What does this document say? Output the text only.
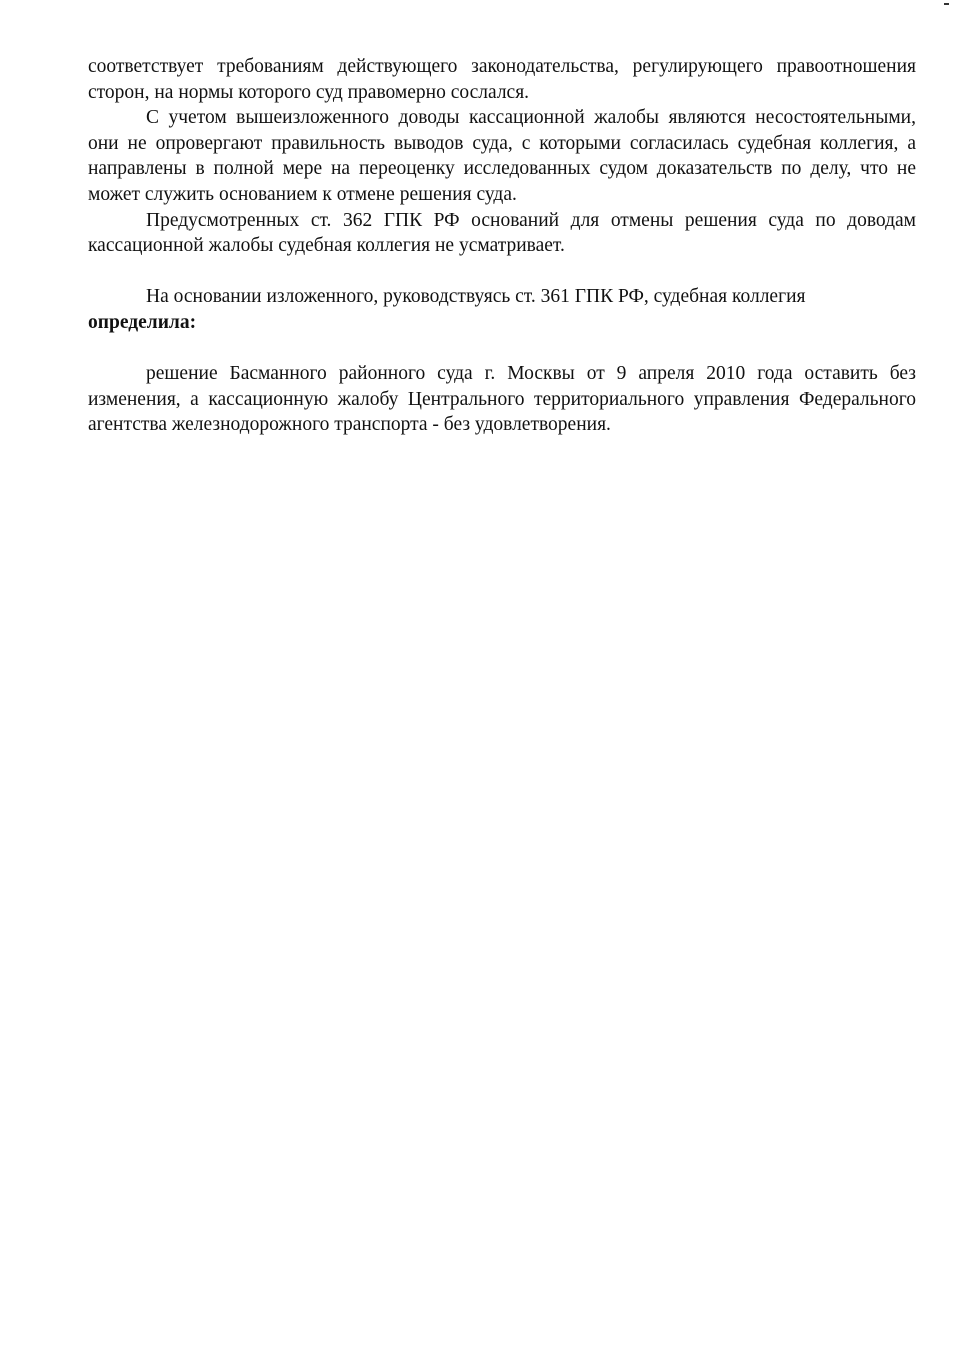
соответствует требованиям действующего законодательства, регулирующего правоотношения сторон, на нормы которого суд правомерно сослался.

С учетом вышеизложенного доводы кассационной жалобы являются несостоятельными, они не опровергают правильность выводов суда, с которыми согласилась судебная коллегия, а направлены в полной мере на переоценку исследованных судом доказательств по делу, что не может служить основанием к отмене решения суда.

Предусмотренных ст. 362 ГПК РФ оснований для отмены решения суда по доводам кассационной жалобы судебная коллегия не усматривает.

На основании изложенного, руководствуясь ст. 361 ГПК РФ, судебная коллегия

определила:

решение Басманного районного суда г. Москвы от 9 апреля 2010 года оставить без изменения, а кассационную жалобу Центрального территориального управления Федерального агентства железнодорожного транспорта - без удовлетворения.
